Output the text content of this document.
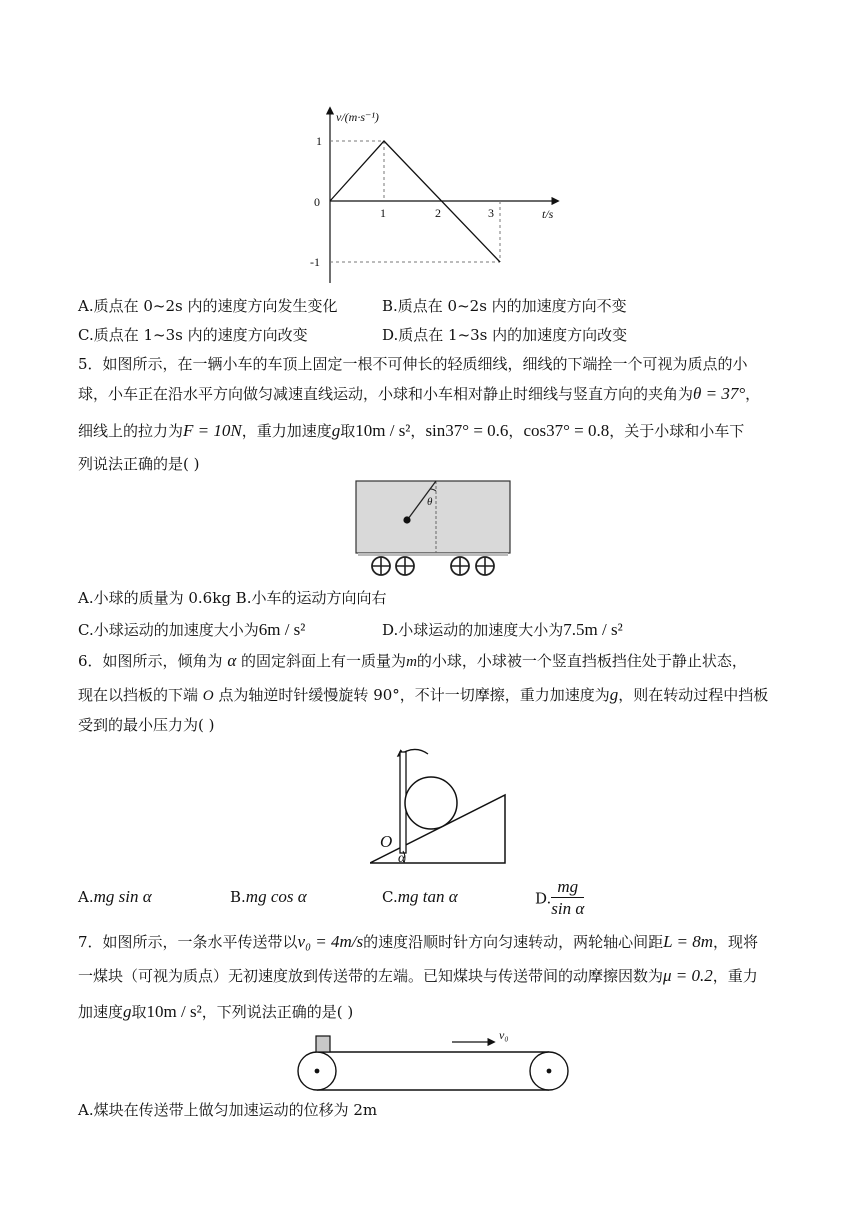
v/(m·s⁻¹)
1
0
-1
1	2	3	t/s
A.质点在 0~2s 内的速度方向发生变化	B.质点在 0~2s 内的加速度方向不变
C.质点在 1~3s 内的速度方向改变	D.质点在 1~3s 内的加速度方向改变
5．如图所示，在一辆小车的车顶上固定一根不可伸长的轻质细线，细线的下端拴一个可视为质点的小
球，小车正在沿水平方向做匀减速直线运动，小球和小车相对静止时细线与竖直方向的夹角为θ = 37°，
细线上的拉力为F = 10N，重力加速度g取10m / s²，sin37° = 0.6，cos37° = 0.8，关于小球和小车下
列说法正确的是( )
θ
A.小球的质量为 0.6kg B.小车的运动方向向右
C.小球运动的加速度大小为6m / s²	D.小球运动的加速度大小为7.5m / s²
6．如图所示，倾角为 α 的固定斜面上有一质量为m的小球，小球被一个竖直挡板挡住处于静止状态，
现在以挡板的下端 O 点为轴逆时针缓慢旋转 90°，不计一切摩擦，重力加速度为g，则在转动过程中挡板
受到的最小压力为( )
O
α
A.mg sin α	B.mg cos α	C.mg tan α	D. $\frac{mg}{\text{sin α}}$
7．如图所示，一条水平传送带以v₀ = 4m/s的速度沿顺时针方向匀速转动，两轮轴心间距L = 8m，现将
一煤块（可视为质点）无初速度放到传送带的左端。已知煤块与传送带间的动摩擦因数为μ = 0.2，重力
加速度g取10m / s²，下列说法正确的是( )
v₀
A.煤块在传送带上做匀加速运动的位移为 2m
